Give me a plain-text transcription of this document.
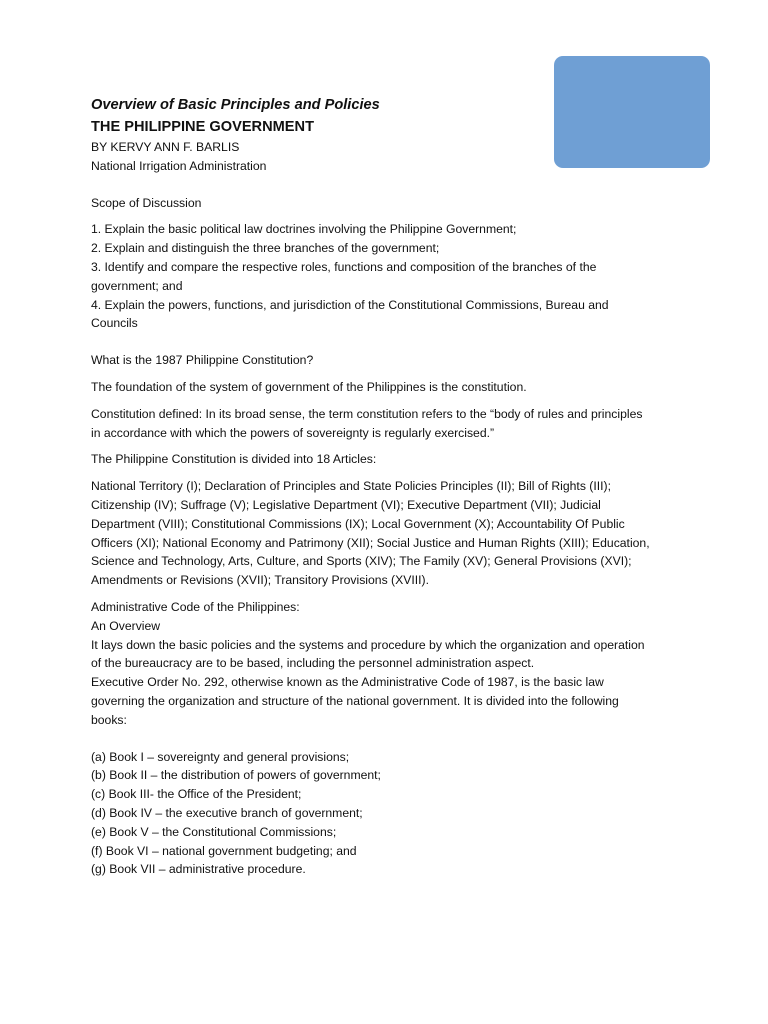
Overview of Basic Principles and Policies
THE PHILIPPINE GOVERNMENT
BY KERVY ANN F. BARLIS
National Irrigation Administration
Scope of Discussion
1. Explain the basic political law doctrines involving the Philippine Government;
2. Explain and distinguish the three branches of the government;
3. Identify and compare the respective roles, functions and composition of the branches of the
government; and
4. Explain the powers, functions, and jurisdiction of the Constitutional Commissions, Bureau and
Councils
What is the 1987 Philippine Constitution?
The foundation of the system of government of the Philippines is the constitution.
Constitution defined: In its broad sense, the term constitution refers to the “body of rules and principles
in accordance with which the powers of sovereignty is regularly exercised.”
The Philippine Constitution is divided into 18 Articles:
National Territory (I); Declaration of Principles and State Policies Principles (II); Bill of Rights (III);
Citizenship (IV); Suffrage (V); Legislative Department (VI); Executive Department (VII); Judicial
Department (VIII); Constitutional Commissions (IX); Local Government (X); Accountability Of Public
Officers (XI); National Economy and Patrimony (XII); Social Justice and Human Rights (XIII); Education,
Science and Technology, Arts, Culture, and Sports (XIV); The Family (XV); General Provisions (XVI);
Amendments or Revisions (XVII); Transitory Provisions (XVIII).
Administrative Code of the Philippines:
An Overview
It lays down the basic policies and the systems and procedure by which the organization and operation
of the bureaucracy are to be based, including the personnel administration aspect.
Executive Order No. 292, otherwise known as the Administrative Code of 1987, is the basic law
governing the organization and structure of the national government. It is divided into the following
books:
(a) Book I – sovereignty and general provisions;
(b) Book II – the distribution of powers of government;
(c) Book III- the Office of the President;
(d) Book IV – the executive branch of government;
(e) Book V – the Constitutional Commissions;
(f) Book VI – national government budgeting; and
(g) Book VII – administrative procedure.
